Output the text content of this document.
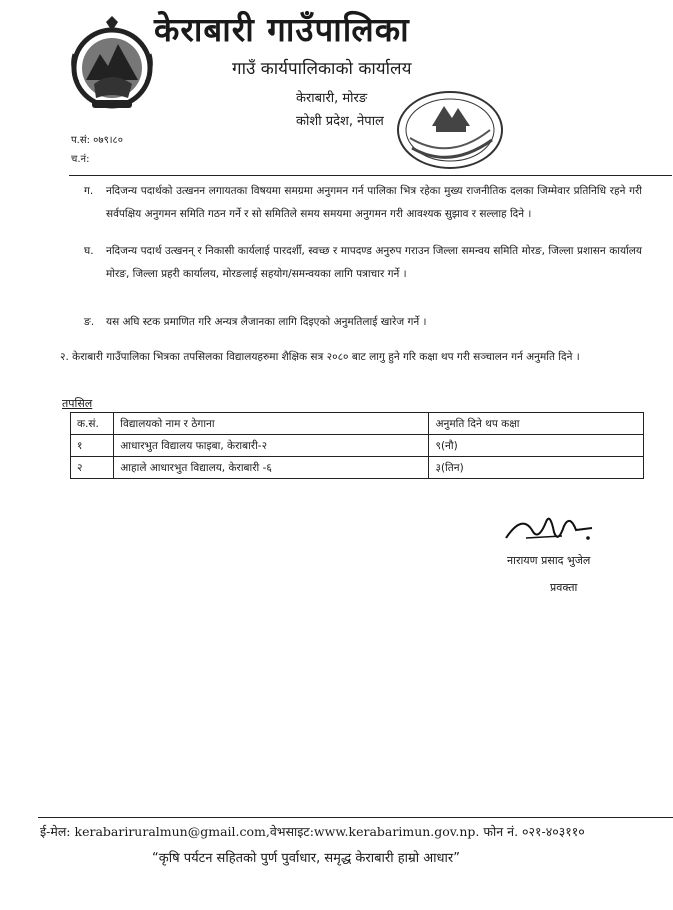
केराबारी गाउँपालिका
गाउँ कार्यपालिकाको कार्यालय
केराबारी, मोरङ
कोशी प्रदेश, नेपाल
प.सं: ०७९।८०
च.नं:
ग. नदिजन्य पदार्थको उत्खनन लगायतका विषयमा समग्रमा अनुगमन गर्न पालिका भित्र रहेका मुख्य राजनीतिक दलका जिम्मेवार प्रतिनिधि रहने गरी सर्वपक्षिय अनुगमन समिति गठन गर्ने र सो समितिले समय समयमा अनुगमन गरी आवश्यक सुझाव र सल्लाह दिने ।
घ. नदिजन्य पदार्थ उत्खनन् र निकासी कार्यलाई पारदर्शी, स्वच्छ र मापदण्ड अनुरुप गराउन जिल्ला समन्वय समिति मोरङ, जिल्ला प्रशासन कार्यालय मोरङ, जिल्ला प्रहरी कार्यालय, मोरङलाई सहयोग/समन्वयका लागि पत्राचार गर्ने ।
ङ. यस अघि स्टक प्रमाणित गरि अन्यत्र लैजानका लागि दिइएको अनुमतिलाई खारेज गर्ने ।
२. केराबारी गाउँपालिका भित्रका तपसिलका विद्यालयहरुमा शैक्षिक सत्र २०८० बाट लागु हुने गरि कक्षा थप गरी सञ्चालन गर्न अनुमति दिने ।
तपसिल
क.सं.	विद्यालयको नाम र ठेगाना	अनुमति दिने थप कक्षा
१	आधारभुत विद्यालय फाइबा, केराबारी-२	९(नौ)
२	आहाले आधारभुत विद्यालय, केराबारी -६	३(तिन)
नारायण प्रसाद भुजेल
प्रवक्ता
ई-मेल: kerabariruralmun@gmail.com,वेभसाइट:www.kerabarimun.gov.np. फोन नं. ०२१-४०३११०
“कृषि पर्यटन सहितको पुर्ण पुर्वाधार, समृद्ध केराबारी हाम्रो आधार”
